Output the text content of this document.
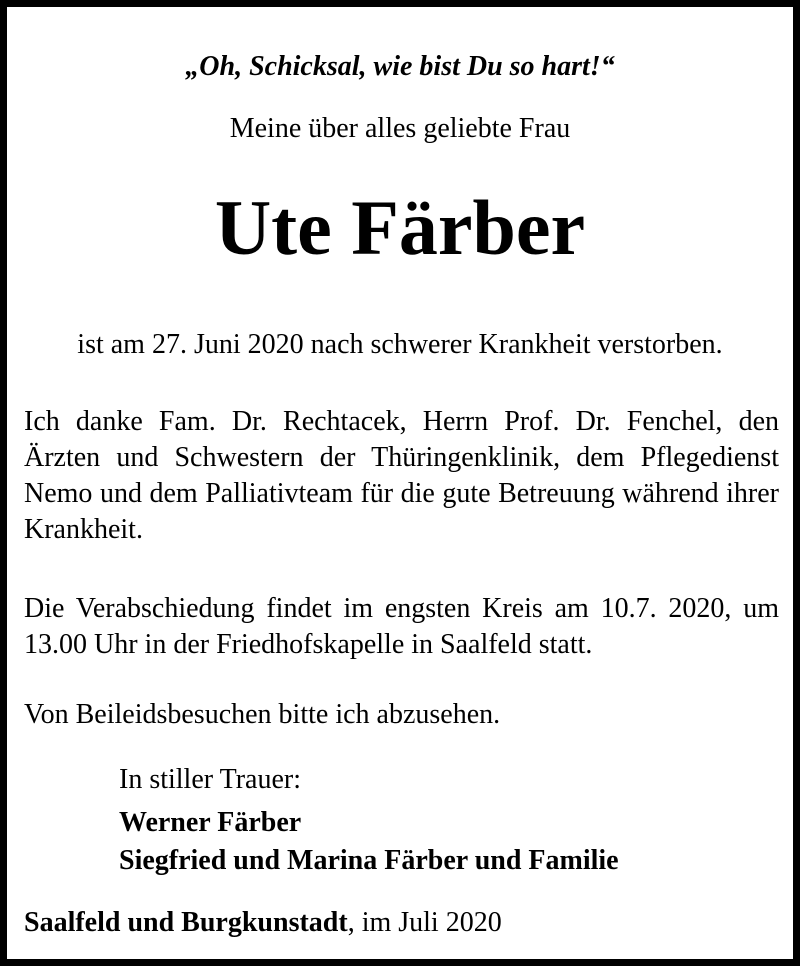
„Oh, Schicksal, wie bist Du so hart!“

Meine über alles geliebte Frau

Ute Färber

ist am 27. Juni 2020 nach schwerer Krankheit verstorben.

Ich danke Fam. Dr. Rechtacek, Herrn Prof. Dr. Fenchel, den Ärzten und Schwestern der Thüringenklinik, dem Pflegedienst Nemo und dem Palliativteam für die gute Betreuung während ihrer Krankheit.

Die Verabschiedung findet im engsten Kreis am 10.7. 2020, um 13.00 Uhr in der Friedhofskapelle in Saalfeld statt.

Von Beileidsbesuchen bitte ich abzusehen.

In stiller Trauer:

Werner Färber

Siegfried und Marina Färber und Familie

Saalfeld und Burgkunstadt, im Juli 2020
